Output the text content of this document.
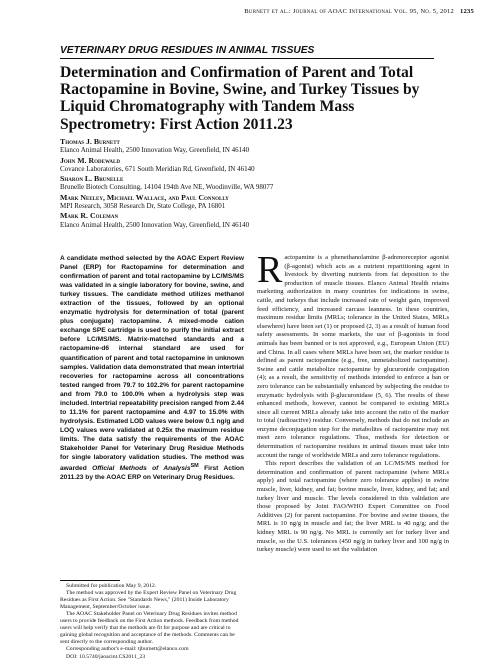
Burnett et al.: Journal of AOAC International Vol. 95, No. 5, 2012 1235
VETERINARY DRUG RESIDUES IN ANIMAL TISSUES
Determination and Confirmation of Parent and Total Ractopamine in Bovine, Swine, and Turkey Tissues by Liquid Chromatography with Tandem Mass Spectrometry: First Action 2011.23
Thomas J. Burnett
Elanco Animal Health, 2500 Innovation Way, Greenfield, IN 46140
John M. Rodewald
Covance Laboratories, 671 South Meridian Rd, Greenfield, IN 46140
Sharon L. Brunelle
Brunelle Biotech Consulting, 14104 194th Ave NE, Woodinville, WA 98077
Mark Neeley, Michael Wallace, and Paul Connolly
MPI Research, 3058 Research Dr, State College, PA 16801
Mark R. Coleman
Elanco Animal Health, 2500 Innovation Way, Greenfield, IN 46140

A candidate method selected by the AOAC Expert Review Panel (ERP) for Ractopamine for determination and confirmation of parent and total ractopamine by LC/MS/MS was validated in a single laboratory for bovine, swine, and turkey tissues. The candidate method utilizes methanol extraction of the tissues, followed by an optional enzymatic hydrolysis for determination of total (parent plus conjugate) ractopamine. A mixed-mode cation exchange SPE cartridge is used to purify the initial extract before LC/MS/MS. Matrix-matched standards and a ractopamine-d6 internal standard are used for quantification of parent and total ractopamine in unknown samples. Validation data demonstrated that mean intertrial recoveries for ractopamine across all concentrations tested ranged from 79.7 to 102.2% for parent ractopamine and from 79.0 to 100.0% when a hydrolysis step was included. Intertrial repeatability precision ranged from 2.44 to 11.1% for parent ractopamine and 4.97 to 15.0% with hydrolysis. Estimated LOD values were below 0.1 ng/g and LOQ values were validated at 0.25x the maximum residue limits. The data satisfy the requirements of the AOAC Stakeholder Panel for Veterinary Drug Residue Methods for single laboratory validation studies. The method was awarded Official Methods of Analysis℠ First Action 2011.23 by the AOAC ERP on Veterinary Drug Residues.

Submitted for publication May 9, 2012.

The method was approved by the Expert Review Panel on Veterinary Drug Residues as First Action. See "Standards News," (2011) Inside Laboratory Management, September/October issue.

The AOAC Stakeholder Panel on Veterinary Drug Residues invites method users to provide feedback on the First Action methods. Feedback from method users will help verify that the methods are fit for purpose and are critical to gaining global recognition and acceptance of the methods. Comments can be sent directly to the corresponding author.

Corresponding author's e-mail: tjburnett@elanco.com

DOI: 10.5740/jaoacint.CS2011_23

Ractopamine is a phenethanolamine β-adrenoreceptor agonist (β-agonist) which acts as a nutrient repartitioning agent in livestock by diverting nutrients from fat deposition to the production of muscle tissues. Elanco Animal Health retains marketing authorization in many countries for indications in swine, cattle, and turkeys that include increased rate of weight gain, improved feed efficiency, and increased carcass leanness. In these countries, maximum residue limits (MRLs; tolerance in the United States, MRLs elsewhere) have been set (1) or proposed (2, 3) as a result of human food safety assessments. In some markets, the use of β-agonists in food animals has been banned or is not approved, e.g., European Union (EU) and China. In all cases where MRLs have been set, the marker residue is defined as parent ractopamine (e.g., free, unmetabolized ractopamine). Swine and cattle metabolize ractopamine by glucuronide conjugation (4); as a result, the sensitivity of methods intended to enforce a ban or zero tolerance can be substantially enhanced by subjecting the residue to enzymatic hydrolysis with β-glucuronidase (5, 6). The results of these enhanced methods, however, cannot be compared to existing MRLs since all current MRLs already take into account the ratio of the marker to total (radioactive) residue. Conversely, methods that do not include an enzyme deconjugation step for the metabolites of ractopamine may not meet zero tolerance regulations. Thus, methods for detection or determination of ractopamine residues in animal tissues must take into account the range of worldwide MRLs and zero tolerance regulations.

This report describes the validation of an LC/MS/MS method for determination and confirmation of parent ractopamine (where MRLs apply) and total ractopamine (where zero tolerance applies) in swine muscle, liver, kidney, and fat; bovine muscle, liver, kidney, and fat; and turkey liver and muscle. The levels considered in this validation are those proposed by Joint FAO/WHO Expert Committee on Food Additives (2) for parent ractopamine. For bovine and swine tissues, the MRL is 10 ng/g in muscle and fat; the liver MRL is 40 ng/g; and the kidney MRL is 90 ng/g. No MRL is currently set for turkey liver and muscle, so the U.S. tolerances (450 ng/g in turkey liver and 100 ng/g in turkey muscle) were used to set the validation
